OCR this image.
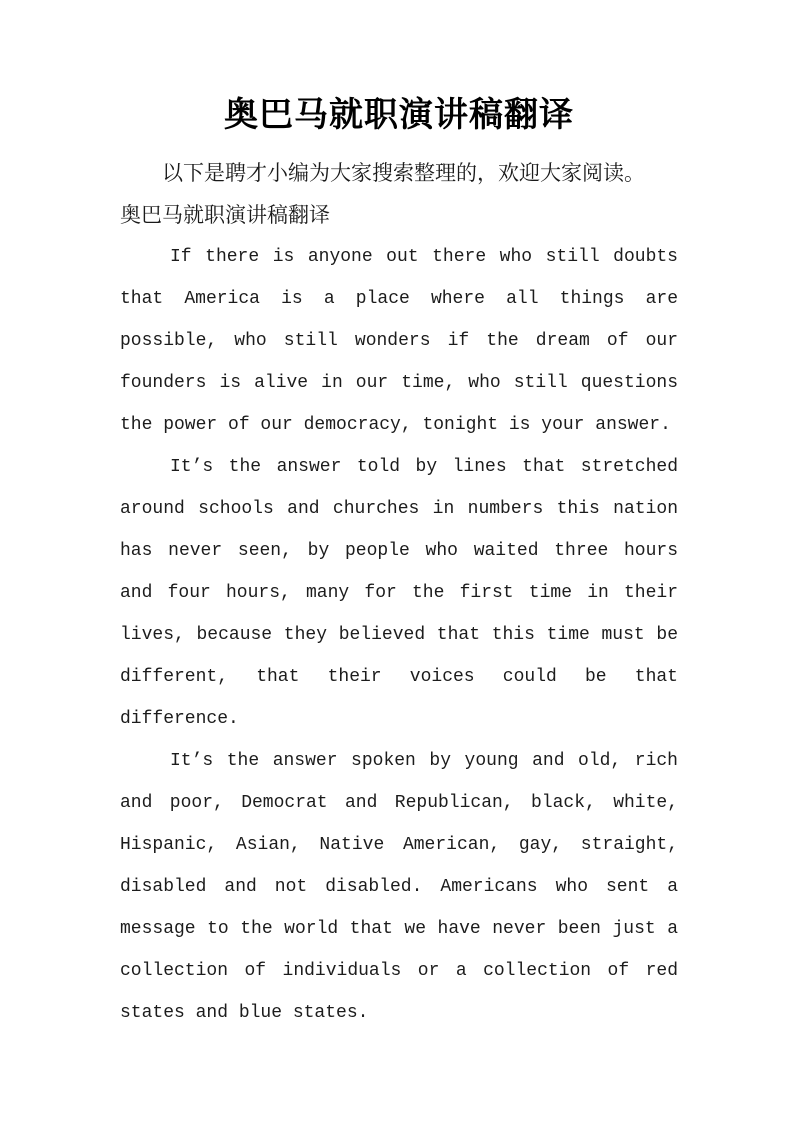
奥巴马就职演讲稿翻译

以下是聘才小编为大家搜索整理的，欢迎大家阅读。

奥巴马就职演讲稿翻译

If there is anyone out there who still doubts
that America is a place where all things are
possible, who still wonders if the dream of our
founders is alive in our time, who still questions
the power of our democracy, tonight is your answer.
It’s the answer told by lines that stretched
around schools and churches in numbers this nation
has never seen, by people who waited three hours
and four hours, many for the first time in their
lives, because they believed that this time must be
different, that their voices could be that
difference.
It’s the answer spoken by young and old, rich
and poor, Democrat and Republican, black, white,
Hispanic, Asian, Native American, gay, straight,
disabled and not disabled. Americans who sent a
message to the world that we have never been just a
collection of individuals or a collection of red
states and blue states.
